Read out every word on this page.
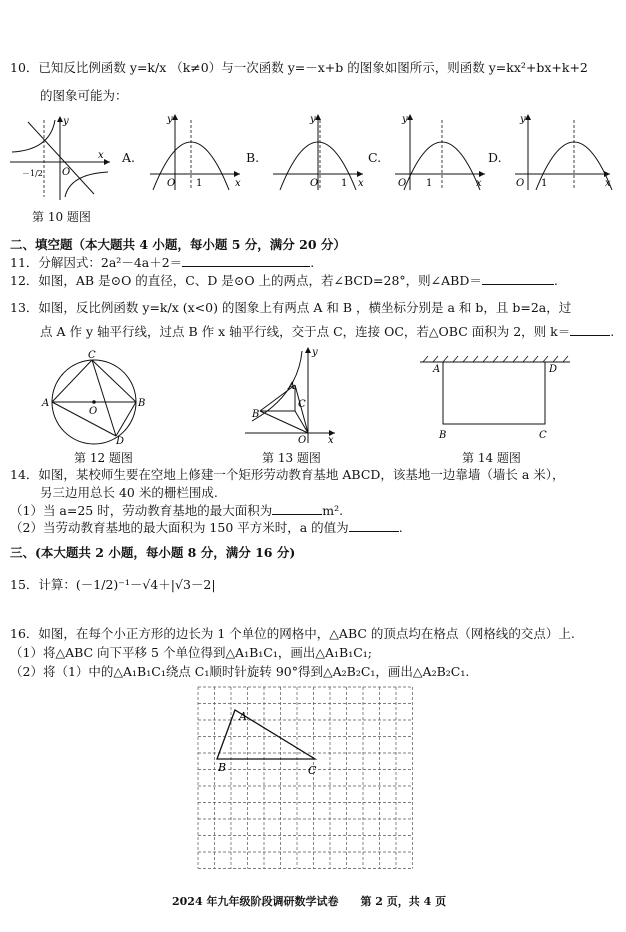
10．已知反比例函数 y=k/x （k≠0）与一次函数 y=－x+b 的图象如图所示，则函数 y=kx²+bx+k+2
的图象可能为：
x
y
O
－1/2
第 10 题图
A.
x
y
O 1
B.
x
y
O 1
C.
x
y
O 1
D.
x
y
O 1
二、填空题（本大题共 4 小题，每小题 5 分，满分 20 分）
11．分解因式：2a²－4a＋2＝	.
12．如图，AB 是⊙O 的直径，C、D 是⊙O 上的两点，若∠BCD=28°，则∠ABD＝	.
13．如图，反比例函数 y=k/x (x<0) 的图象上有两点 A 和 B ，横坐标分别是 a 和 b，且 b=2a，过
点 A 作 y 轴平行线，过点 B 作 x 轴平行线，交于点 C，连接 OC，若△OBC 面积为 2，则 k＝	.
C
A	B
O
D
第 12 题图
A
B
C
O x
y
第 13 题图
A	D
B	C
第 14 题图
14．如图，某校师生要在空地上修建一个矩形劳动教育基地 ABCD，该基地一边靠墙（墙长 a 米），
另三边用总长 40 米的栅栏围成.
（1）当 a=25 时，劳动教育基地的最大面积为	m².
（2）当劳动教育基地的最大面积为 150 平方米时，a 的值为	.
三、(本大题共 2 小题，每小题 8 分，满分 16 分)
15．计算：(－1/2)⁻¹－√4＋|√3－2|
16．如图，在每个小正方形的边长为 1 个单位的网格中，△ABC 的顶点均在格点（网格线的交点）上.
（1）将△ABC 向下平移 5 个单位得到△A₁B₁C₁，画出△A₁B₁C₁;
（2）将（1）中的△A₁B₁C₁绕点 C₁顺时针旋转 90°得到△A₂B₂C₁，画出△A₂B₂C₁.
A
B	C
2024 年九年级阶段调研数学试卷　　第 2 页，共 4 页
